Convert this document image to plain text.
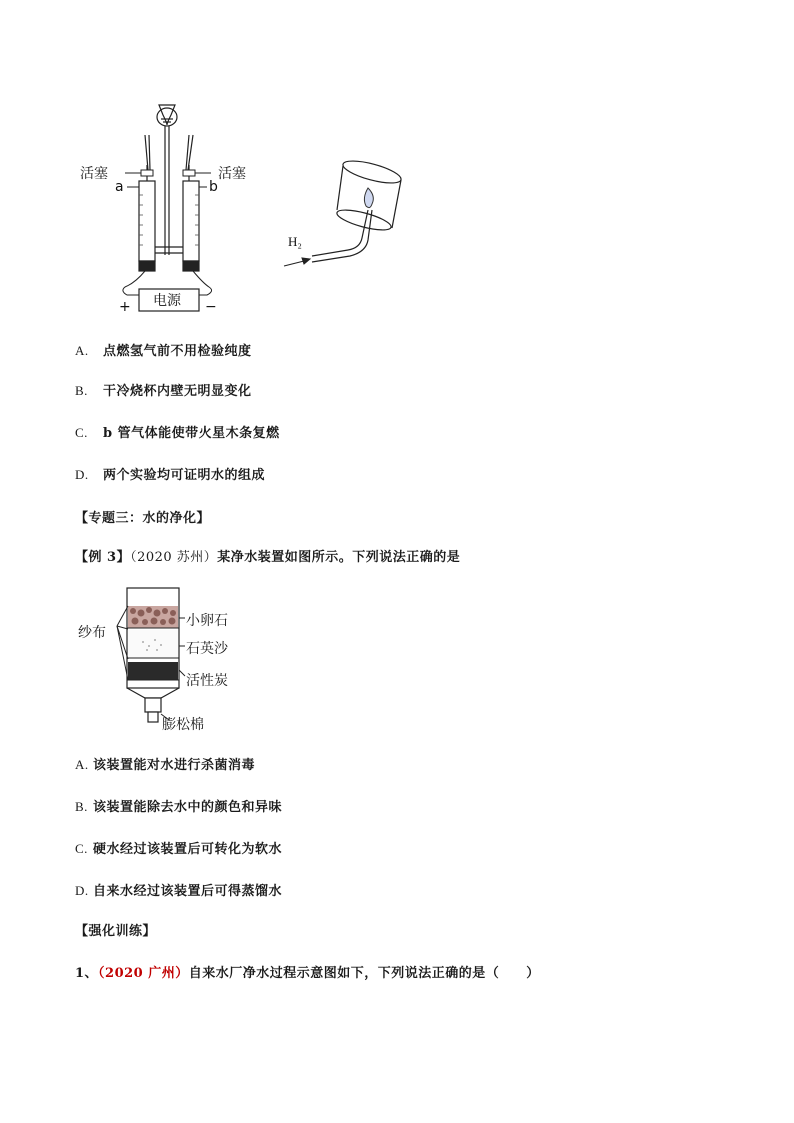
电源
+	−
a	b
活塞	活塞
H₂
A. 点燃氢气前不用检验纯度
B. 干冷烧杯内壁无明显变化
C. b 管气体能使带火星木条复燃
D. 两个实验均可证明水的组成
【专题三：水的净化】
【例 3】（2020 苏州）某净水装置如图所示。下列说法正确的是
纱布
小卵石
石英沙
活性炭
膨松棉
A. 该装置能对水进行杀菌消毒
B. 该装置能除去水中的颜色和异味
C. 硬水经过该装置后可转化为软水
D. 自来水经过该装置后可得蒸馏水
【强化训练】
1、（2020 广州）自来水厂净水过程示意图如下，下列说法正确的是（　　）
